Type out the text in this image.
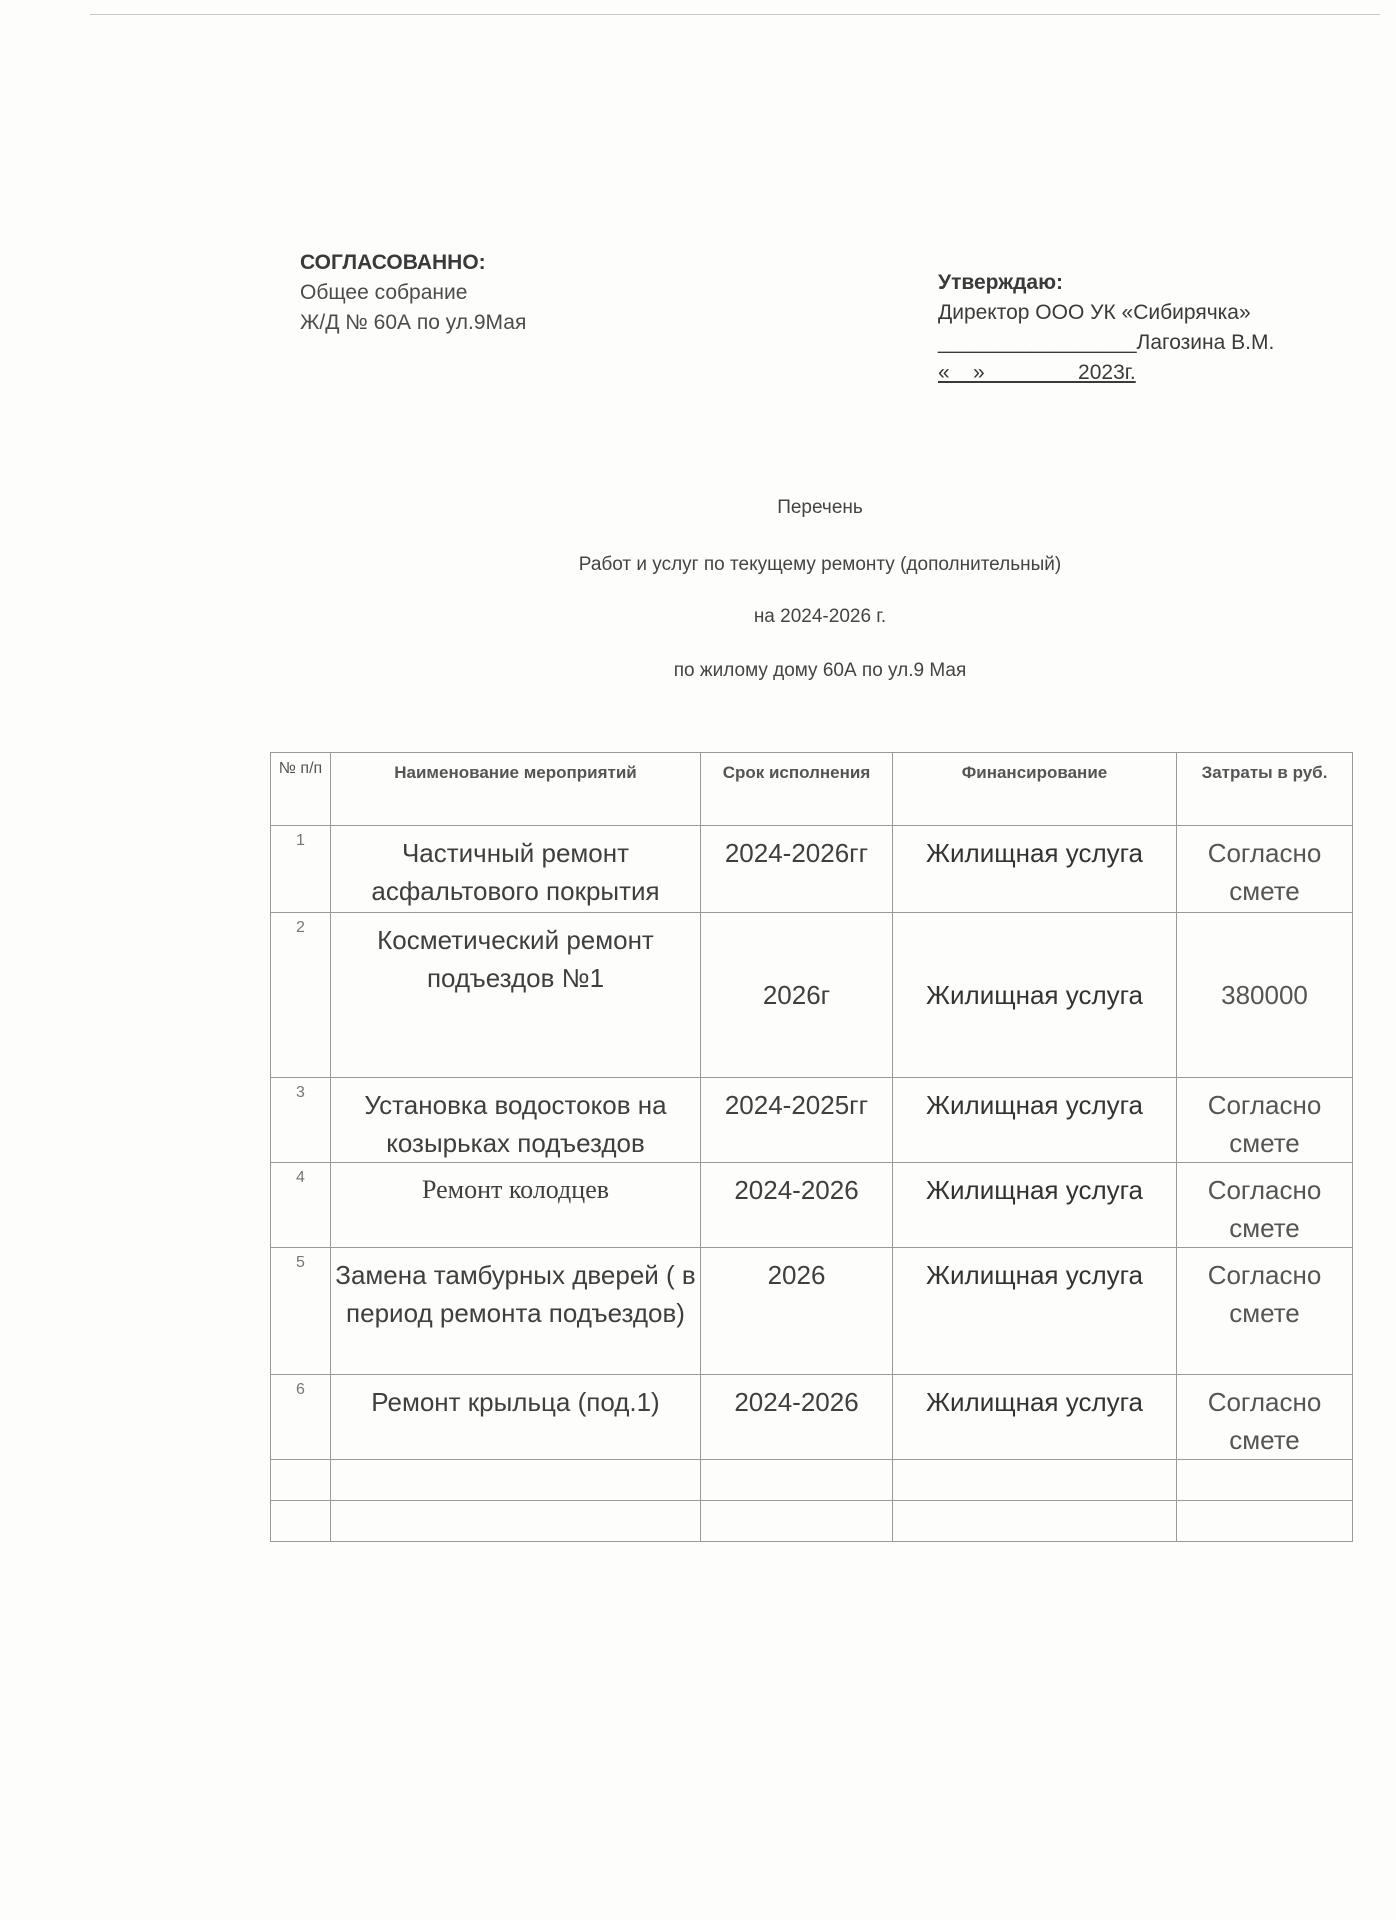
СОГЛАСОВАННО:
Общее собрание
Ж/Д № 60А по ул.9Мая
Утверждаю:
Директор ООО УК «Сибирячка»
_________________Лагозина В.М.
«    »                2023г.
Перечень
Работ и услуг по текущему ремонту (дополнительный)
на 2024-2026 г.
по жилому дому 60А по ул.9 Мая
№ п/п	Наименование мероприятий	Срок исполнения	Финансирование	Затраты в руб.
1	Частичный ремонт асфальтового покрытия	2024-2026гг	Жилищная услуга	Согласно смете
2	Косметический ремонт подъездов №1	2026г	Жилищная услуга	380000
3	Установка водостоков на козырьках подъездов	2024-2025гг	Жилищная услуга	Согласно смете
4	Ремонт колодцев	2024-2026	Жилищная услуга	Согласно смете
5	Замена тамбурных дверей ( в период ремонта подъездов)	2026	Жилищная услуга	Согласно смете
6	Ремонт крыльца (под.1)	2024-2026	Жилищная услуга	Согласно смете
